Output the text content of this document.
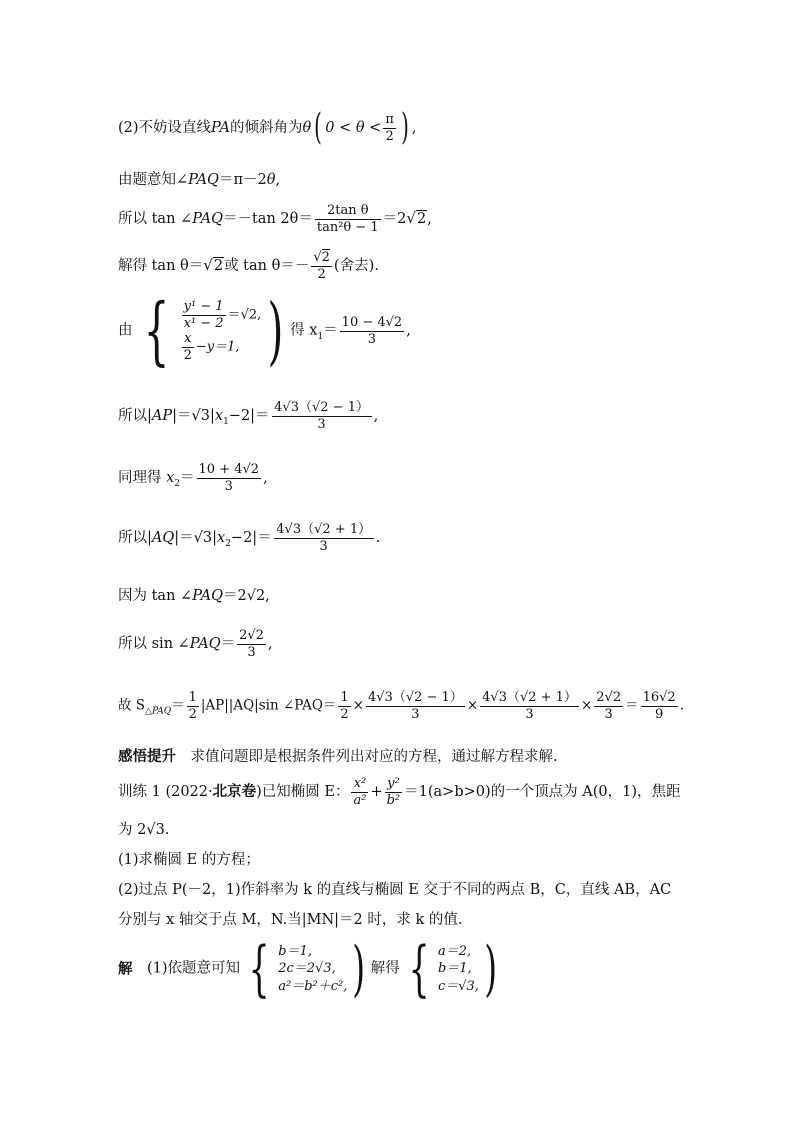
(2)不妨设直线PA的倾斜角为θ( $0 < \theta < \frac{\pi}{2}$ ) ,
由题意知∠PAQ＝π－2θ,
所以 tan ∠PAQ＝－tan $2\theta= \frac{\text{2tan θ}}{\text{tan²θ − 1}} =2√2$,
解得 tan θ＝√2或 $\tan \theta=- \frac{√2}{2}$ (舍去).
由 { $\frac{\text{y¹ − 1}}{\text{x¹ − 2}} =√2$,
$\frac{x}{2} -y=1$, ) 得 $x_1= \frac{10 - 4√2}{3}$ ,
所以$|AP|=√3|x_1-2|= \frac{4√3(√2 - 1)}{3}$ ,
同理得 $x_2= \frac{10 + 4√2}{3}$ ,
所以$|AQ|=√3|x_2-2|= \frac{4√3(√2 + 1)}{3}$ .
因为 tan ∠PAQ＝2√2,
所以 sin ∠PAQ＝ $\frac{2√2}{3}$ ,
故 $S_{\triangle PAQ}= \frac{1}{2} |AP||AQ|\sin$ ∠PAQ＝ $\frac{1}{2} \times \frac{4√3(√2 - 1)}{3} \times \frac{4√3(√2 + 1)}{3} \times \frac{2√2}{3} = \frac{16√2}{9}$ .
感悟提升　求值问题即是根据条件列出对应的方程，通过解方程求解.
训练 1 (2022·北京卷)已知椭圆 E： $\frac{\text{x²}}{\text{a²}} + \frac{\text{y²}}{\text{b²}} =1(a>b>0)$的一个顶点为 A(0，1)，焦距
为 2√3.
(1)求椭圆 E 的方程；
(2)过点 P(－2，1)作斜率为 k 的直线与椭圆 E 交于不同的两点 B，C，直线 AB，AC
分别与 x 轴交于点 M，N.当|MN|＝2 时，求 k 的值.
解　(1)依题意可知 { b＝1,
2c＝2√3,
a²＝b²＋c², ) 解得 { a＝2,
b＝1,
c＝√3, )
